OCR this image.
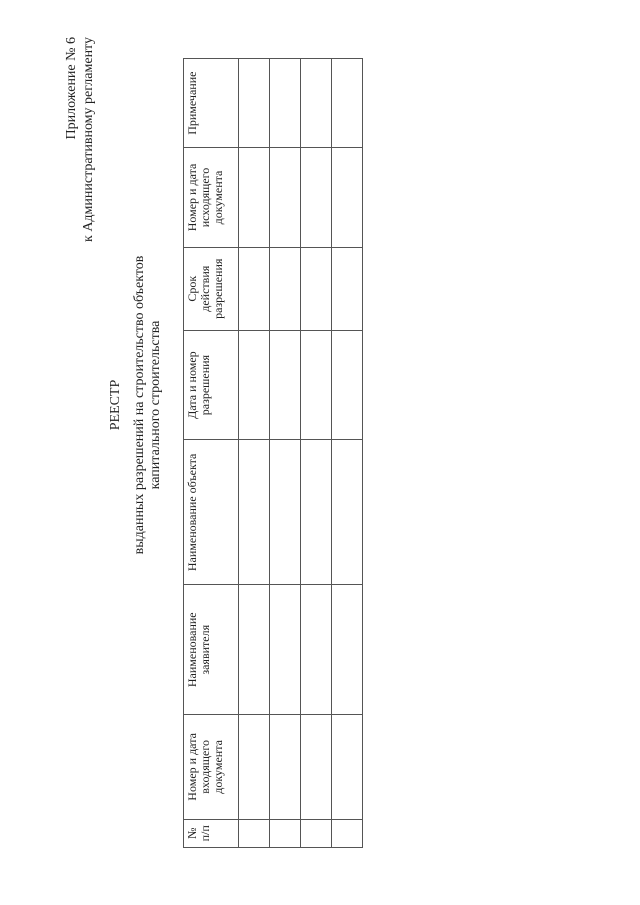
Приложение № 6 к Административному регламенту
РЕЕСТР выданных разрешений на строительство объектов капитального строительства
№ п/п	Номер и дата входящего документа	Наименование заявителя	Наименование объекта	Дата и номер разрешения	Срок действия разрешения	Номер и дата исходящего документа	Примечание
